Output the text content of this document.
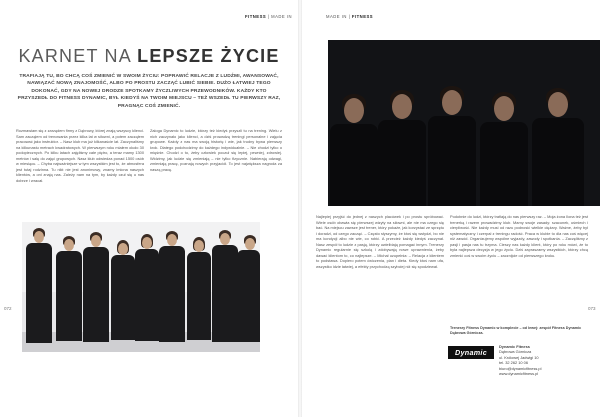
FITNESS | MADE IN
KARNET NA LEPSZE ŻYCIE
TRAFIAJĄ TU, BO CHCĄ COŚ ZMIENIĆ W SWOIM ŻYCIU: POPRAWIĆ RELACJE Z LUDŹMI, AWANSOWAĆ, NAWIĄZAĆ NOWĄ ZNAJOMOŚĆ, ALBO PO PROSTU ZACZĄĆ LUBIĆ SIEBIE. DUŻO ŁATWIEJ TEGO DOKONAĆ, GDY NA NOWEJ DRODZE SPOTKAMY ŻYCZLIWYCH PRZEWODNIKÓW. KAŻDY KTO PRZYSZEDŁ DO FITNESS DYNAMIC, BYŁ KIEDYŚ NA TWOIM MIEJSCU – TEŻ WSZEDŁ TU PIERWSZY RAZ, PRAGNĄC COŚ ZMIENIĆ.
Rozmawiam się z zarządem firmy z Dąbrowy, której znają wszyscy klienci. Sam zacząłem od trenowania przez kilka lat w siłowni, a potem zacząłem pracować jako instruktor. – Nasz klub ma już kilkanaście lat. Zaczynaliśmy na kilkunastu metrach kwadratowych. W pierwszym roku miałem około 30 podopiecznych. Po kilku latach zajęliśmy całe piętro, a teraz mamy 1300 metrów i salę do zajęć grupowych. Nasz klub odwiedza ponad 1500 osób w miesiącu. – Chyba najważniejsze w tym wszystkim jest to, że atmosfera jest tutaj rodzinna. Tu nikt nie jest anonimowy, znamy imiona naszych klientów, a oni znają nas. Zależy nam na tym, by każdy czuł się u nas dobrze i wracał.
Zaloga Dynamic to ludzie, którzy też kiedyś przyszli tu na trening. Wielu z nich zaczynało jako klienci, a dziś prowadzą treningi personalne i zajęcia grupowe. Każdy z nas ma swoją historię i wie, jak trudny bywa pierwszy krok. Dlatego podchodzimy do każdego indywidualnie. – Nie chodzi tylko o mięśnie. Chodzi o to, żeby człowiek poczuł się lepiej, pewniej, zdrowiej. Widzimy, jak ludzie się zmieniają – nie tylko fizycznie. Nabierają odwagi, zmieniają pracę, poznają nowych przyjaciół. To jest największa nagroda za naszą pracę.
072
MADE IN | FITNESS
Najlepiej przyjść do jednej z naszych placówek i po prostu spróbować. Wiele osób obawia się pierwszej wizyty na siłowni, ale nie ma czego się bać. Na miejscu zawsze jest trener, który pokaże, jak korzystać ze sprzętu i doradzi, od czego zacząć. – Często słyszymy, że ktoś się wstydzi, bo nie ma kondycji albo nie wie, co robić. A przecież każdy kiedyś zaczynał. Nasz zespół to ludzie z pasją, którzy uwielbiają pomagać innym. Trenerzy Dynamic regularnie się szkolą i zdobywają nowe uprawnienia, żeby dawać klientom to, co najlepsze. – Michał uzupełnia: – Relacja z klientem to podstawa. Dopiero potem ćwiczenia, plan i dieta. Kiedy ktoś nam ufa, wszystko idzie łatwiej, a efekty przychodzą szybciej niż się spodziewał.
Podobnie do ludzi, którzy trafiają do nas pierwszy raz. – Moja żona Ilona też jest trenerką i razem prowadzimy klub. Mamy swoje zasady: szacunek, uśmiech i cierpliwość. Nie każdy musi od razu podnosić wielkie ciężary. Ważne, żeby był systematyczny i czerpał z treningu radość. Praca w klubie to dla nas coś więcej niż zawód. Organizujemy wspólne wyjazdy, zawody i spotkania. – Zaczęliśmy z pasji i pasja nas tu trzyma. Cieszy nas każdy klient, który po roku mówi, że to była najlepsza decyzja w jego życiu. Dziś zapraszamy wszystkich, którzy chcą zmienić coś w swoim życiu – zacznijcie od pierwszego kroku.
Trenerzy Fitness Dynamic w komplecie – od lewej: zespół Fitness Dynamic Dąbrowa Górnicza.
Dynamic
Dynamic Fitness
Dąbrowa Górnicza
ul. Królowej Jadwigi 10
tel. 32 262 10 06
biuro@dynamicfitness.pl
www.dynamicfitness.pl
073
